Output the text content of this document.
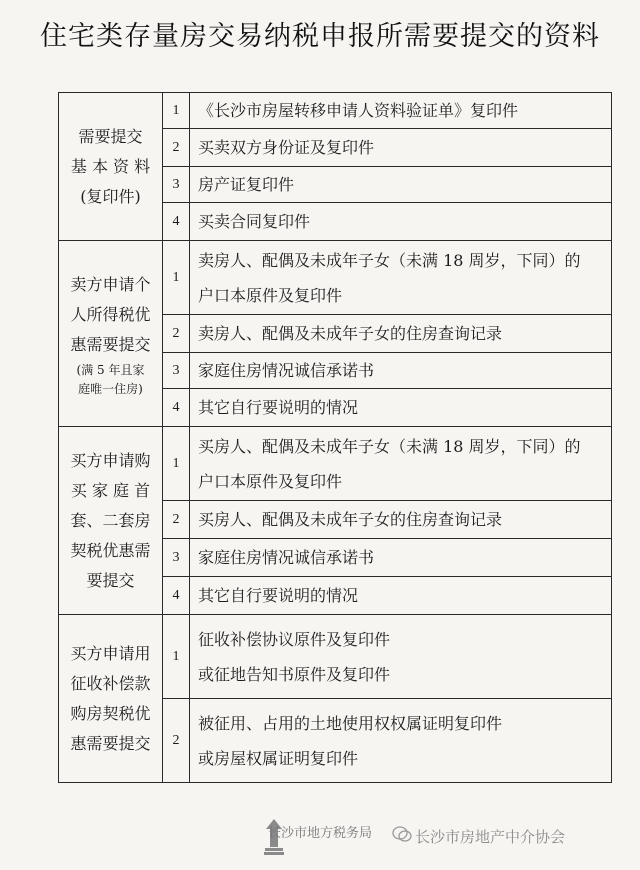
住宅类存量房交易纳税申报所需要提交的资料
需要提交
基 本 资 料
(复印件)	1	《长沙市房屋转移申请人资料验证单》复印件

	2	买卖双方身份证及复印件

	3	房产证复印件

	4	买卖合同复印件

卖方申请个
人所得税优
惠需要提交
(满 5 年且家
庭唯一住房)	1	卖房人、配偶及未成年子女（未满 18 周岁，下同）的
户口本原件及复印件

	2	卖房人、配偶及未成年子女的住房查询记录

	3	家庭住房情况诚信承诺书

	4	其它自行要说明的情况

买方申请购
买 家 庭 首
套、二套房
契税优惠需
要提交	1	买房人、配偶及未成年子女（未满 18 周岁，下同）的
户口本原件及复印件

	2	买房人、配偶及未成年子女的住房查询记录

	3	家庭住房情况诚信承诺书

	4	其它自行要说明的情况

买方申请用
征收补偿款
购房契税优
惠需要提交	1	征收补偿协议原件及复印件
或征地告知书原件及复印件

	2	被征用、占用的土地使用权权属证明复印件
或房屋权属证明复印件
长沙市地方税务局	长沙市房地产中介协会
